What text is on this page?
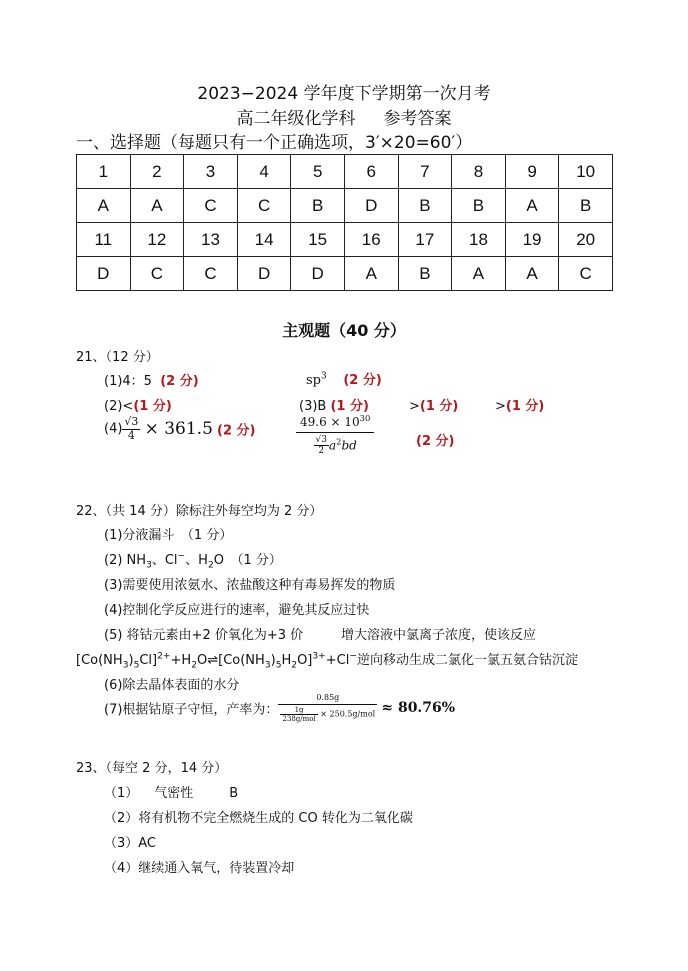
2023−2024 学年度下学期第一次月考
高二年级化学科 参考答案
一、选择题（每题只有一个正确选项，3′×20=60′）
1	2	3	4	5	6	7	8	9	10
A	A	C	C	B	D	B	B	A	B
11	12	13	14	15	16	17	18	19	20
D	C	C	D	D	A	B	A	A	C
主观题（40 分）
21、（12 分）
(1)4：5 (2 分)	$sp^3$ (2 分)
(2)<(1 分)	(3)B (1 分)	>(1 分)	>(1 分)
$(4) \frac{√3}{4} \times 361.5$ (2 分)	$\frac{49.6 \times 10^{30}}{\frac{√3}{2} a^2bd}$	(2 分)
22、（共 14 分）除标注外每空均为 2 分）
(1)分液漏斗　（1 分）
(2) $NH_3$、Cl−、$H_2O$　（1 分）
(3)需要使用浓氨水、浓盐酸这种有毒易挥发的物质
(4)控制化学反应进行的速率，避免其反应过快
(5) 将钴元素由+2 价氧化为+3 价	增大溶液中氯离子浓度，使该反应
$[Co(NH_3)_5Cl]^{2+}+H_2O\rightleftharpoons[Co(NH_3)_5H_2O]^{3+}+Cl^-$逆向移动生成二氯化一氯五氨合钴沉淀
(6)除去晶体表面的水分
(7)根据钴原子守恒，产率为： $\frac{0.85g}{\frac{1g}{\text{238g/mol}} \times 250.5g/mol} \approx 80.76\%$
23、（每空 2 分，14 分）
（1） 气密性	B
（2）将有机物不完全燃烧生成的 CO 转化为二氧化碳
（3）AC
（4）继续通入氧气，待装置冷却
